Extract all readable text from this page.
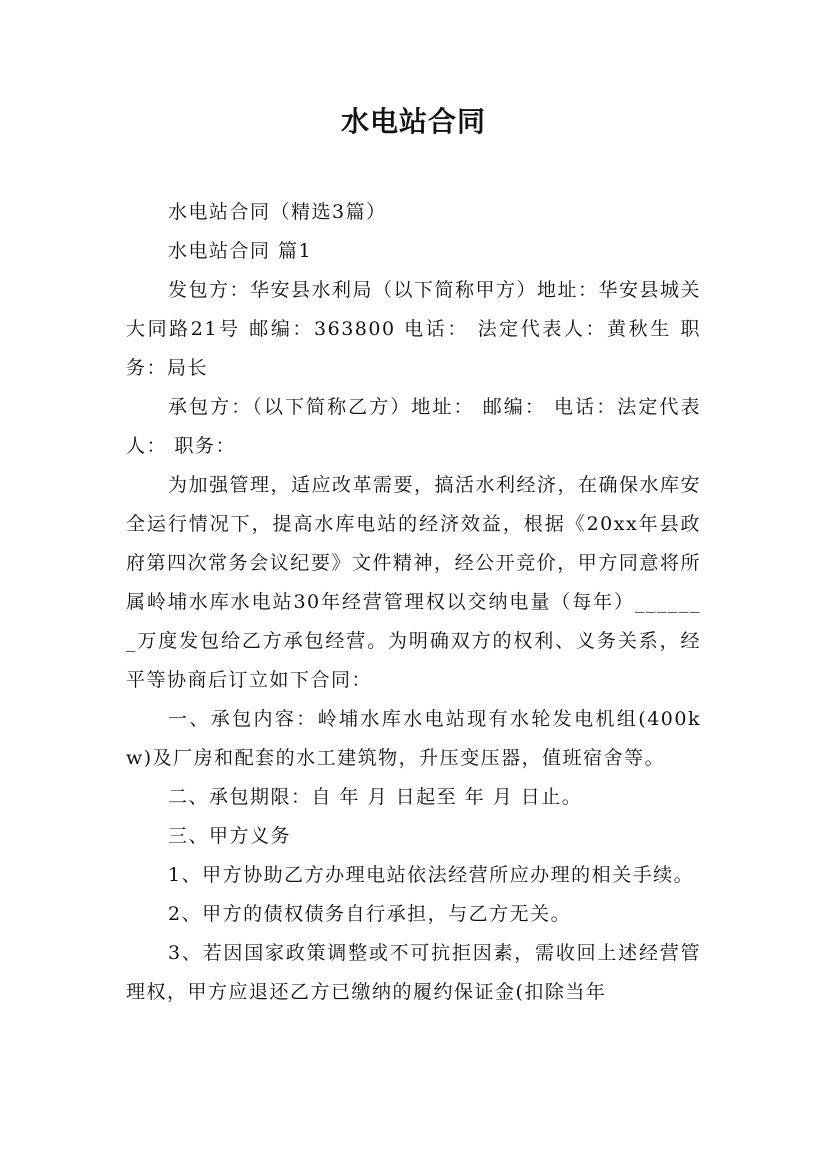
水电站合同

水电站合同（精选3篇）

水电站合同 篇1

发包方：华安县水利局（以下简称甲方）地址：华安县城关大同路21号 邮编：363800 电话： 法定代表人：黄秋生 职务：局长

承包方：（以下简称乙方）地址： 邮编： 电话：法定代表人： 职务：

为加强管理，适应改革需要，搞活水利经济，在确保水库安全运行情况下，提高水库电站的经济效益，根据《20xx年县政府第四次常务会议纪要》文件精神，经公开竞价，甲方同意将所属岭埔水库水电站30年经营管理权以交纳电量（每年）_______万度发包给乙方承包经营。为明确双方的权利、义务关系，经平等协商后订立如下合同：

一、承包内容：岭埔水库水电站现有水轮发电机组(400kw)及厂房和配套的水工建筑物，升压变压器，值班宿舍等。

二、承包期限：自 年 月 日起至 年 月 日止。

三、甲方义务

1、甲方协助乙方办理电站依法经营所应办理的相关手续。

2、甲方的债权债务自行承担，与乙方无关。

3、若因国家政策调整或不可抗拒因素，需收回上述经营管理权，甲方应退还乙方已缴纳的履约保证金(扣除当年
